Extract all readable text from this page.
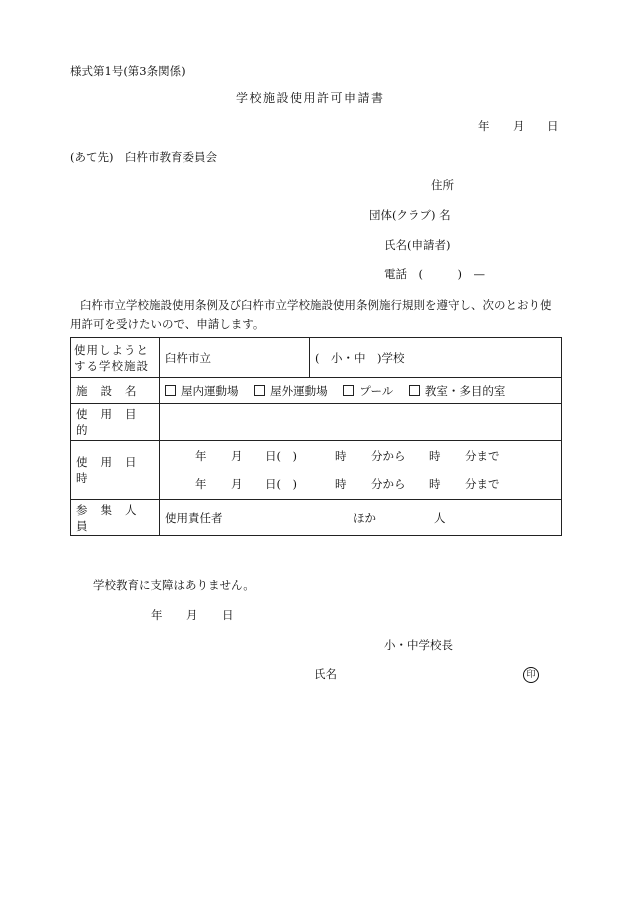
様式第1号(第3条関係)
学校施設使用許可申請書
年 月 日
(あて先)　臼杵市教育委員会
住所
団体(クラブ) 名
氏名(申請者)
電話　(　　　)　—
臼杵市立学校施設使用条例及び臼杵市立学校施設使用条例施行規則を遵守し、次のとおり使用許可を受けたいので、申請します。
使用しようと
する学校施設	臼杵市立	(　小・中　)学校
施設名	屋内運動場 屋外運動場 プール 教室・多目的室	
使用目的		
使用日時	年 月 日(　) 時 分から 時 分まで
年 月 日(　) 時 分から 時 分まで	

参集人員	使用責任者 ほか 人	
学校教育に支障はありません。
年 月 日
小・中学校長
氏名	印
